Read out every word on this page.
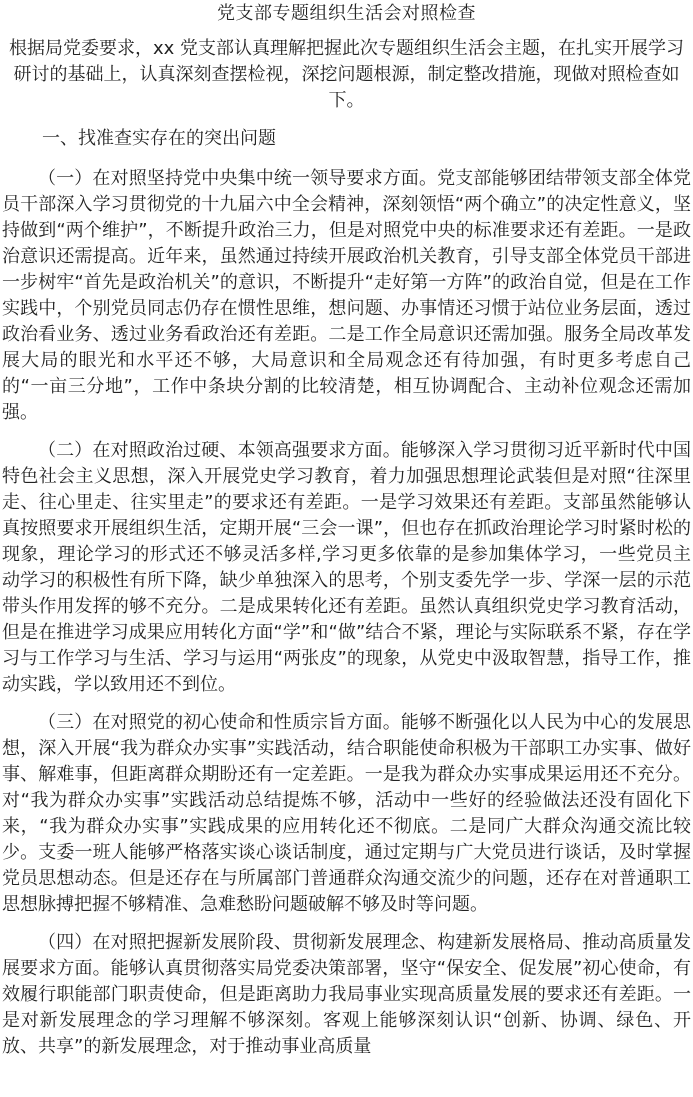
党支部专题组织生活会对照检查
根据局党委要求，xx 党支部认真理解把握此次专题组织生活会主题，在扎实开展学习研讨的基础上，认真深刻查摆检视，深挖问题根源，制定整改措施，现做对照检查如下。
一、找准查实存在的突出问题

（一）在对照坚持党中央集中统一领导要求方面。党支部能够团结带领支部全体党员干部深入学习贯彻党的十九届六中全会精神，深刻领悟“两个确立”的决定性意义，坚持做到“两个维护”，不断提升政治三力，但是对照党中央的标准要求还有差距。一是政治意识还需提高。近年来，虽然通过持续开展政治机关教育，引导支部全体党员干部进一步树牢“首先是政治机关”的意识，不断提升“走好第一方阵”的政治自觉，但是在工作实践中，个别党员同志仍存在惯性思维，想问题、办事情还习惯于站位业务层面，透过政治看业务、透过业务看政治还有差距。二是工作全局意识还需加强。服务全局改革发展大局的眼光和水平还不够，大局意识和全局观念还有待加强，有时更多考虑自己的“一亩三分地”，工作中条块分割的比较清楚，相互协调配合、主动补位观念还需加强。

（二）在对照政治过硬、本领高强要求方面。能够深入学习贯彻习近平新时代中国特色社会主义思想，深入开展党史学习教育，着力加强思想理论武装但是对照“往深里走、往心里走、往实里走”的要求还有差距。一是学习效果还有差距。支部虽然能够认真按照要求开展组织生活，定期开展“三会一课”，但也存在抓政治理论学习时紧时松的现象，理论学习的形式还不够灵活多样,学习更多依靠的是参加集体学习，一些党员主动学习的积极性有所下降，缺少单独深入的思考，个别支委先学一步、学深一层的示范带头作用发挥的够不充分。二是成果转化还有差距。虽然认真组织党史学习教育活动，但是在推进学习成果应用转化方面“学”和“做”结合不紧，理论与实际联系不紧，存在学习与工作学习与生活、学习与运用“两张皮”的现象，从党史中汲取智慧，指导工作，推动实践，学以致用还不到位。

（三）在对照党的初心使命和性质宗旨方面。能够不断强化以人民为中心的发展思想，深入开展“我为群众办实事”实践活动，结合职能使命积极为干部职工办实事、做好事、解难事，但距离群众期盼还有一定差距。一是我为群众办实事成果运用还不充分。对“我为群众办实事”实践活动总结提炼不够，活动中一些好的经验做法还没有固化下来，“我为群众办实事”实践成果的应用转化还不彻底。二是同广大群众沟通交流比较少。支委一班人能够严格落实谈心谈话制度，通过定期与广大党员进行谈话，及时掌握党员思想动态。但是还存在与所属部门普通群众沟通交流少的问题，还存在对普通职工思想脉搏把握不够精准、急难愁盼问题破解不够及时等问题。

（四）在对照把握新发展阶段、贯彻新发展理念、构建新发展格局、推动高质量发展要求方面。能够认真贯彻落实局党委决策部署，坚守“保安全、促发展”初心使命，有效履行职能部门职责使命，但是距离助力我局事业实现高质量发展的要求还有差距。一是对新发展理念的学习理解不够深刻。客观上能够深刻认识“创新、协调、绿色、开放、共享”的新发展理念，对于推动事业高质量
